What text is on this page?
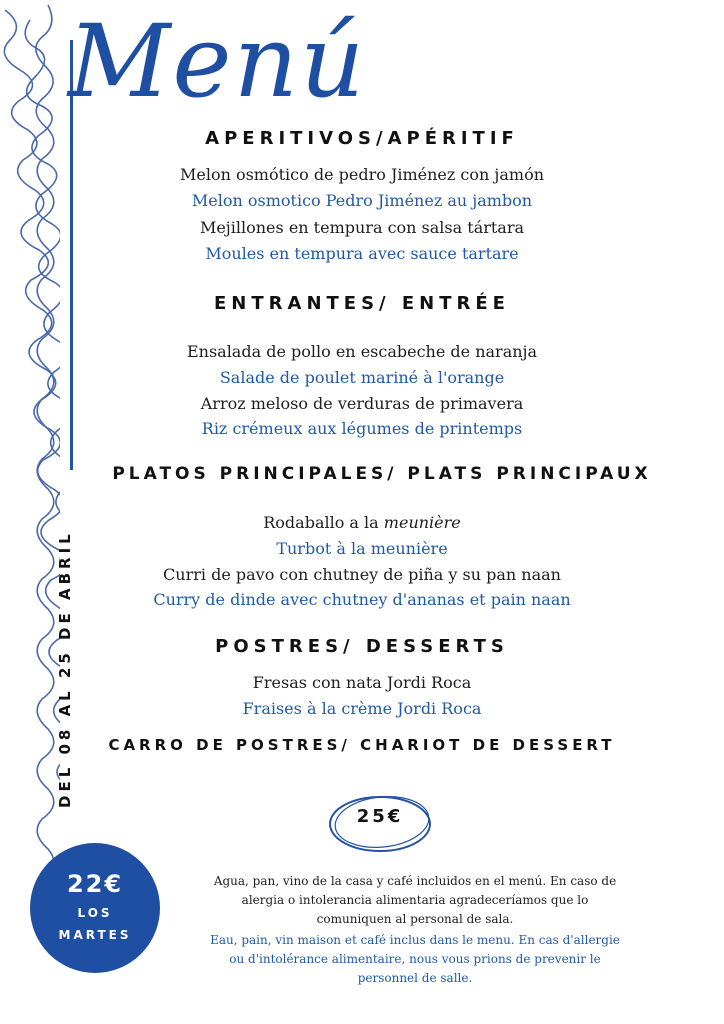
Menú
DEL 08 AL 25 DE ABRIL
APERITIVOS/APÉRITIF
Melon osmótico de pedro Jiménez con jamón
Melon osmotico Pedro Jiménez au jambon
Mejillones en tempura con salsa tártara
Moules en tempura avec sauce tartare
ENTRANTES/ ENTRÉE
Ensalada de pollo en escabeche de naranja
Salade de poulet mariné à l'orange
Arroz meloso de verduras de primavera
Riz crémeux aux légumes de printemps
PLATOS PRINCIPALES/ PLATS PRINCIPAUX
Rodaballo a la meunière
Turbot à la meunière
Curri de pavo con chutney de piña y su pan naan
Curry de dinde avec chutney d'ananas et pain naan
POSTRES/ DESSERTS
Fresas con nata Jordi Roca
Fraises à la crème Jordi Roca
CARRO DE POSTRES/ CHARIOT DE DESSERT
25€
22€
LOS
MARTES
Agua, pan, vino de la casa y café incluidos en el menú. En caso de
alergia o intolerancia alimentaria agradeceríamos que lo
comuniquen al personal de sala.
Eau, pain, vin maison et café inclus dans le menu. En cas d'allergie
ou d'intolérance alimentaire, nous vous prions de prevenir le
personnel de salle.
